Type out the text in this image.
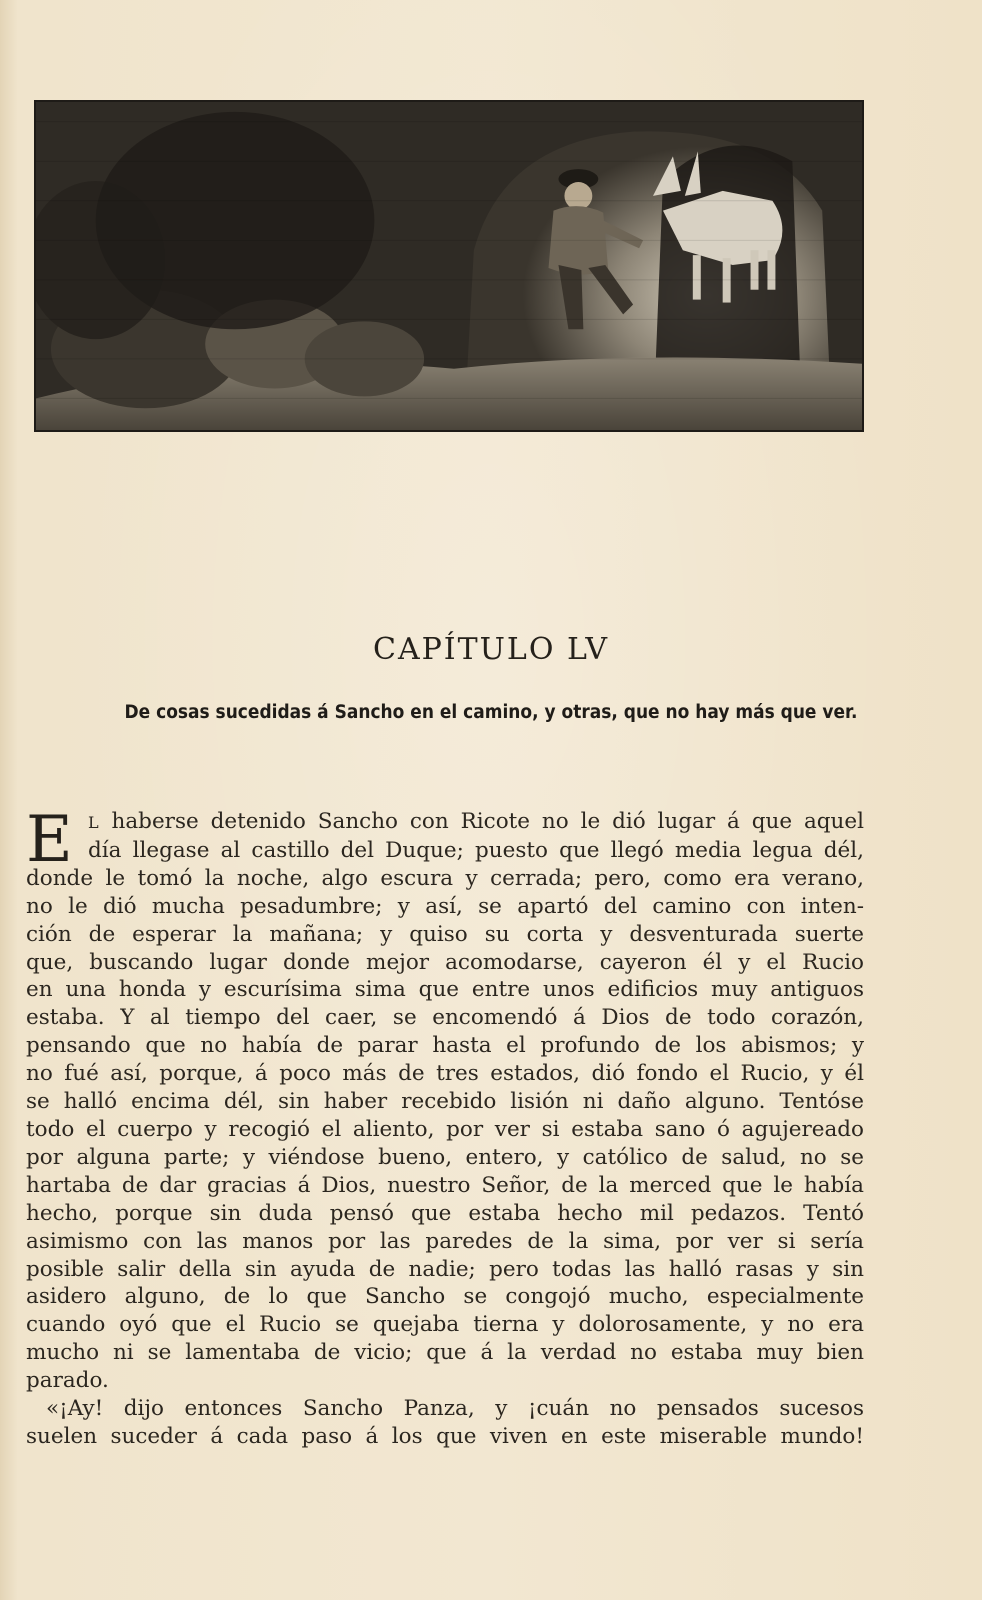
CAPÍTULO LV

De cosas sucedidas á Sancho en el camino, y otras, que no hay más que ver.

E L haberse detenido Sancho con Ricote no le dió lugar á que aquel
día llegase al castillo del Duque; puesto que llegó media legua dél,
donde le tomó la noche, algo escura y cerrada; pero, como era verano,
no le dió mucha pesadumbre; y así, se apartó del camino con inten-
ción de esperar la mañana; y quiso su corta y desventurada suerte
que, buscando lugar donde mejor acomodarse, cayeron él y el Rucio
en una honda y escurísima sima que entre unos edificios muy antiguos
estaba. Y al tiempo del caer, se encomendó á Dios de todo corazón,
pensando que no había de parar hasta el profundo de los abismos; y
no fué así, porque, á poco más de tres estados, dió fondo el Rucio, y él
se halló encima dél, sin haber recebido lisión ni daño alguno. Tentóse
todo el cuerpo y recogió el aliento, por ver si estaba sano ó agujereado
por alguna parte; y viéndose bueno, entero, y católico de salud, no se
hartaba de dar gracias á Dios, nuestro Señor, de la merced que le había
hecho, porque sin duda pensó que estaba hecho mil pedazos. Tentó
asimismo con las manos por las paredes de la sima, por ver si sería
posible salir della sin ayuda de nadie; pero todas las halló rasas y sin
asidero alguno, de lo que Sancho se congojó mucho, especialmente
cuando oyó que el Rucio se quejaba tierna y dolorosamente, y no era
mucho ni se lamentaba de vicio; que á la verdad no estaba muy bien
parado.
«¡Ay! dijo entonces Sancho Panza, y ¡cuán no pensados sucesos
suelen suceder á cada paso á los que viven en este miserable mundo!
